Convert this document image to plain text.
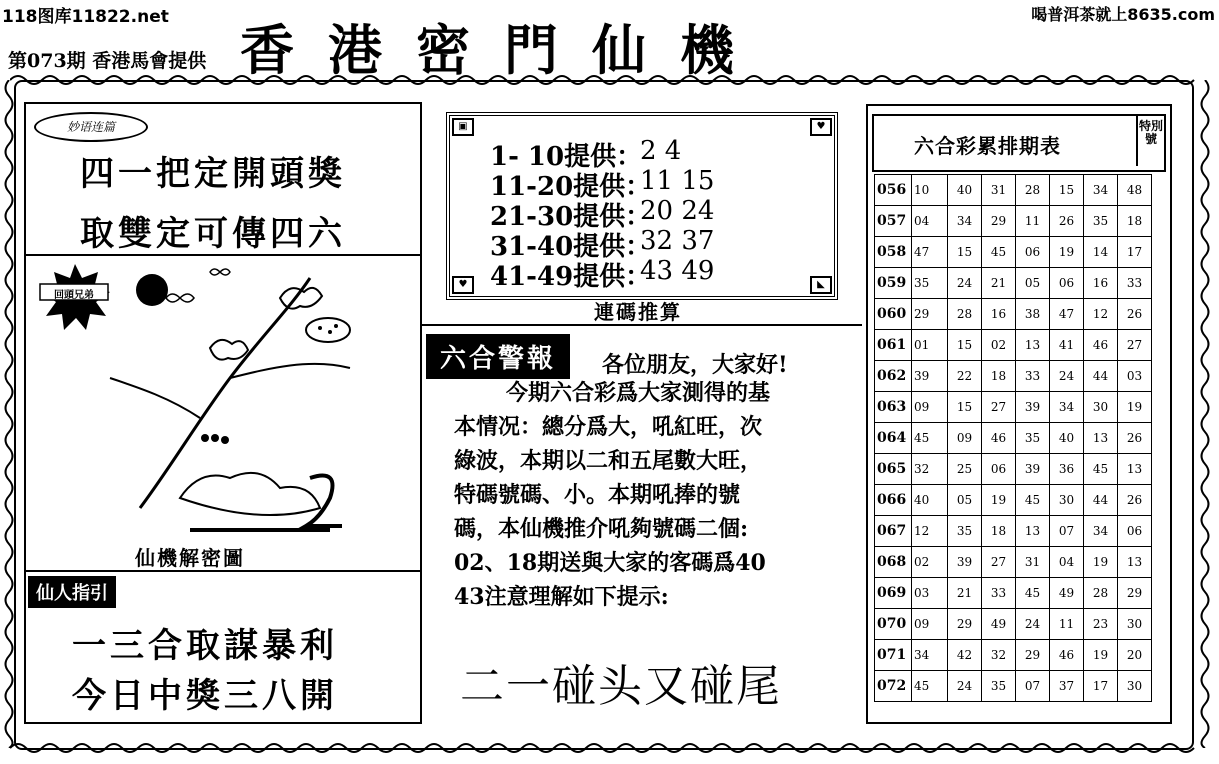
118图库11822.net	喝普洱茶就上8635.com
香港密門仙機
第073期 香港馬會提供
妙语连篇
四一把定開頭獎
取雙定可傳四六
回頭兄弟
仙機解密圖
仙人指引
一三合取謀暴利
今日中獎三八開
▣	♥
♥	◣
1- 10提供：
2 4
11-20提供：
11 15
21-30提供：
20 24
31-40提供：
32 37
41-49提供：
43 49
連碼推算
六合警報	各位朋友，大家好!
今期六合彩爲大家測得的基
本情况：總分爲大，吼紅旺，次
綠波，本期以二和五尾數大旺，
特碼號碼、小。本期吼捧的號
碼，本仙機推介吼夠號碼二個:
02、18期送與大家的客碼爲40
43注意理解如下提示:
二一碰头又碰尾
六合彩累排期表
特別號
056	10	40	31	28	15	34	48
057	04	34	29	11	26	35	18
058	47	15	45	06	19	14	17
059	35	24	21	05	06	16	33
060	29	28	16	38	47	12	26
061	01	15	02	13	41	46	27
062	39	22	18	33	24	44	03
063	09	15	27	39	34	30	19
064	45	09	46	35	40	13	26
065	32	25	06	39	36	45	13
066	40	05	19	45	30	44	26
067	12	35	18	13	07	34	06
068	02	39	27	31	04	19	13
069	03	21	33	45	49	28	29
070	09	29	49	24	11	23	30
071	34	42	32	29	46	19	20
072	45	24	35	07	37	17	30
